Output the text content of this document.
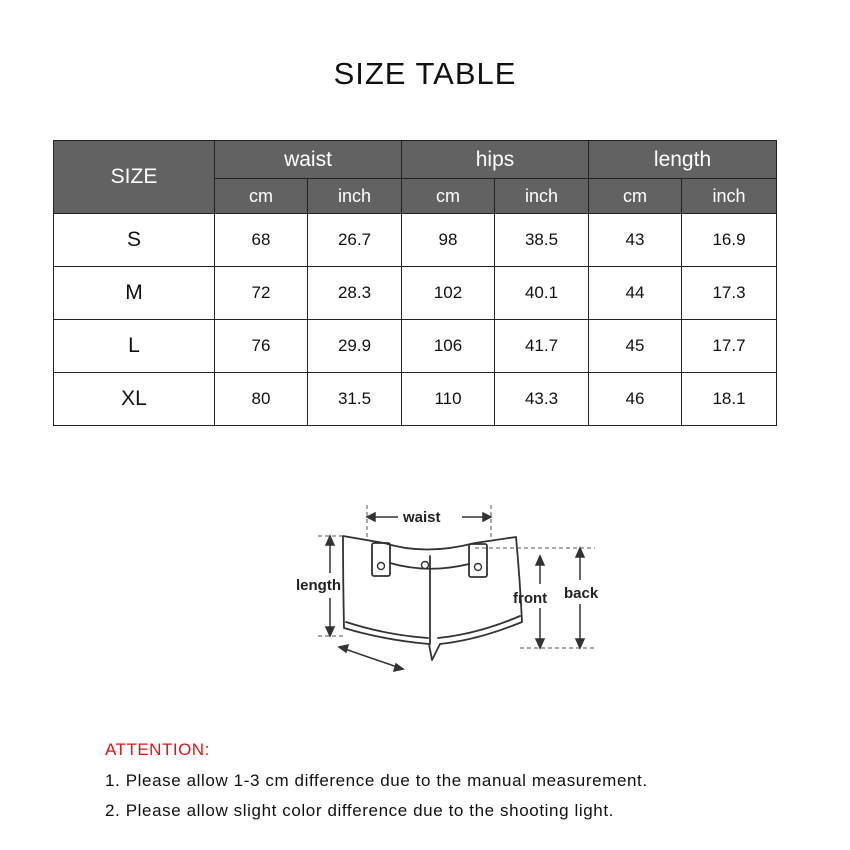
SIZE TABLE
SIZE	waist		hips		length	
	cm	inch	cm	inch	cm	inch
S	68	26.7	98	38.5	43	16.9
M	72	28.3	102	40.1	44	17.3
L	76	29.9	106	41.7	45	17.7
XL	80	31.5	110	43.3	46	18.1
waist
length
front back
ATTENTION:
1. Please allow 1-3 cm difference due to the manual measurement.
2. Please allow slight color difference due to the shooting light.
